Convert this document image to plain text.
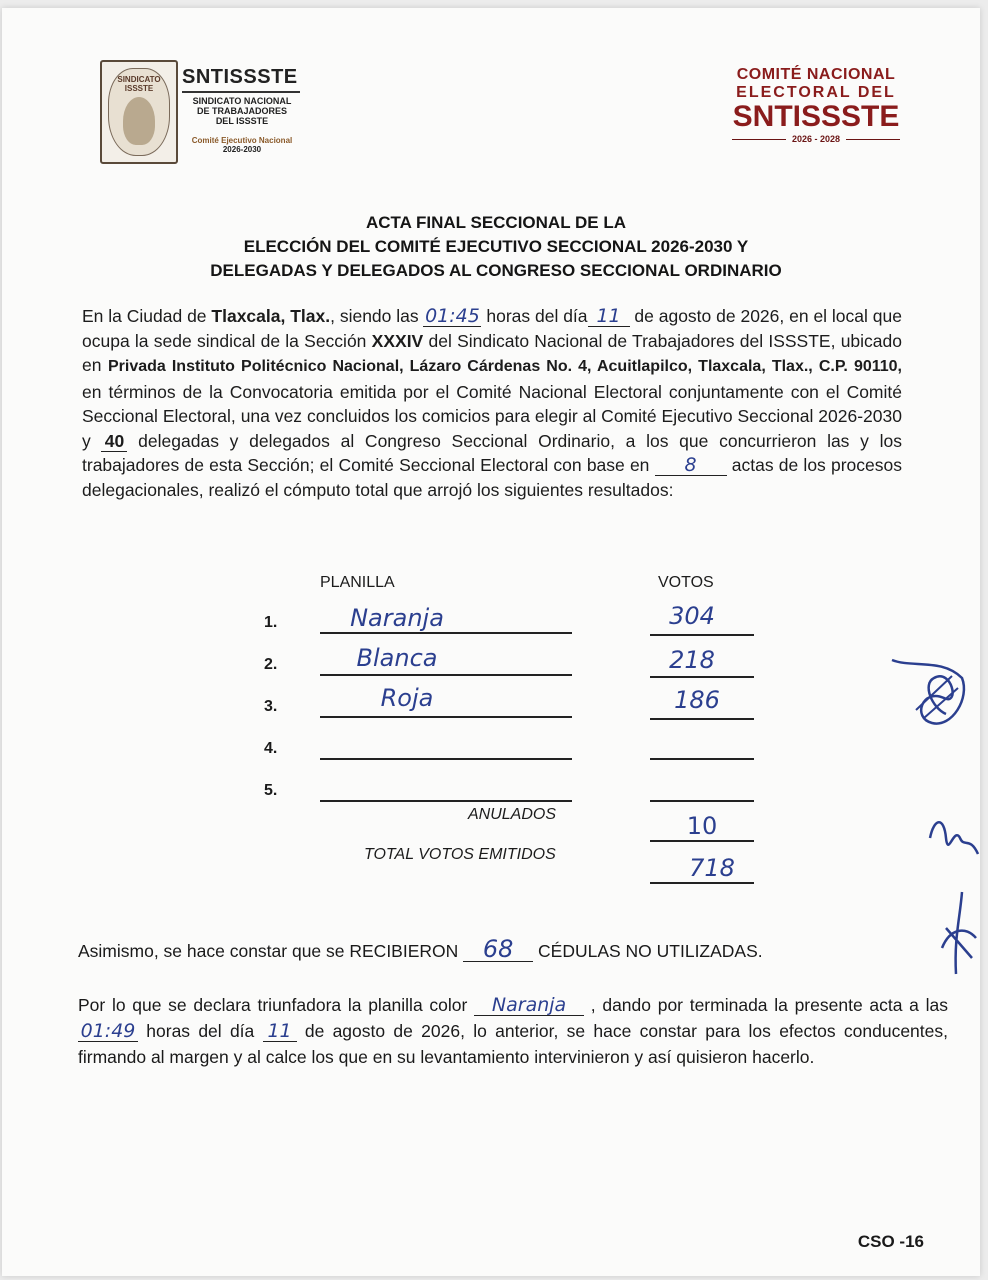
SINDICATO ISSSTE
SNTISSSTE
SINDICATO NACIONAL
DE TRABAJADORES
DEL ISSSTE
Comité Ejecutivo Nacional
2026-2030
COMITÉ NACIONAL
ELECTORAL DEL
SNTISSSTE
2026 - 2028
ACTA FINAL SECCIONAL DE LA
ELECCIÓN DEL COMITÉ EJECUTIVO SECCIONAL 2026-2030 Y
DELEGADAS Y DELEGADOS AL CONGRESO SECCIONAL ORDINARIO
En la Ciudad de Tlaxcala, Tlax., siendo las 01:45 horas del día 11 de agosto de 2026, en el local que ocupa la sede sindical de la Sección XXXIV del Sindicato Nacional de Trabajadores del ISSSTE, ubicado en Privada Instituto Politécnico Nacional, Lázaro Cárdenas No. 4, Acuitlapilco, Tlaxcala, Tlax., C.P. 90110, en términos de la Convocatoria emitida por el Comité Nacional Electoral conjuntamente con el Comité Seccional Electoral, una vez concluidos los comicios para elegir al Comité Ejecutivo Seccional 2026-2030 y 40 delegadas y delegados al Congreso Seccional Ordinario, a los que concurrieron las y los trabajadores de esta Sección; el Comité Seccional Electoral con base en 8 actas de los procesos delegacionales, realizó el cómputo total que arrojó los siguientes resultados:
PLANILLA	VOTOS
1.	Naranja	304
2.	Blanca	218
3.	Roja	186
4.
5.
ANULADOS	10
TOTAL VOTOS EMITIDOS	718
Asimismo, se hace constar que se RECIBIERON 68 CÉDULAS NO UTILIZADAS.
Por lo que se declara triunfadora la planilla color Naranja , dando por terminada la presente acta a las 01:49 horas del día 11 de agosto de 2026, lo anterior, se hace constar para los efectos conducentes, firmando al margen y al calce los que en su levantamiento intervinieron y así quisieron hacerlo.
CSO -16
